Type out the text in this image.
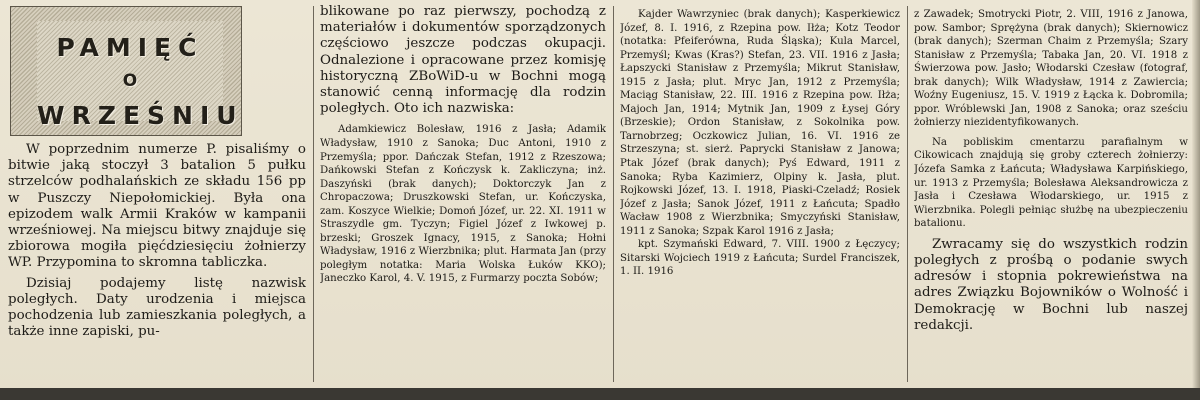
PAMIĘĆ
O
WRZEŚNIU

W poprzednim numerze P. pisaliśmy o bitwie jaką stoczył 3 batalion 5 pułku strzelców podhalańskich ze składu 156 pp w Puszczy Niepołomickiej. Była ona epizodem walk Armii Kraków w kampanii wrześniowej. Na miejscu bitwy znajduje się zbiorowa mogiła pięćdziesięciu żołnierzy WP. Przypomina to skromna tabliczka.

Dzisiaj podajemy listę nazwisk poległych. Daty urodzenia i miejsca pochodzenia lub zamieszkania poległych, a także inne zapiski, pu-

blikowane po raz pierwszy, pochodzą z materiałów i dokumentów sporządzonych częściowo jeszcze podczas okupacji. Odnalezione i opracowane przez komisję historyczną ZBoWiD-u w Bochni mogą stanowić cenną informację dla rodzin poległych. Oto ich nazwiska:

Adamkiewicz Bolesław, 1916 z Jasła; Adamik Władysław, 1910 z Sanoka; Duc Antoni, 1910 z Przemyśla; ppor. Dańczak Stefan, 1912 z Rzeszowa; Dańkowski Stefan z Kończysk k. Zakliczyna; inż. Daszyński (brak danych); Doktorczyk Jan z Chropaczowa; Druszkowski Stefan, ur. Kończyska, zam. Koszyce Wielkie; Domoń Józef, ur. 22. XI. 1911 w Straszydle gm. Tyczyn; Figiel Józef z Iwkowej p. brzeski; Groszek Ignacy, 1915, z Sanoka; Hołni Władysław, 1916 z Wierzbnika; plut. Harmata Jan (przy poległym notatka: Maria Wolska Łuków KKO); Janeczko Karol, 4. V. 1915, z Furmarzy poczta Sobów;

Kajder Wawrzyniec (brak danych); Kasperkiewicz Józef, 8. I. 1916, z Rzepina pow. Iłża; Kotz Teodor (notatka: Pfeiferówna, Ruda Śląska); Kula Marcel, Przemyśl; Kwas (Kras?) Stefan, 23. VII. 1916 z Jasła; Łapszycki Stanisław z Przemyśla; Mikrut Stanisław, 1915 z Jasła; plut. Mryc Jan, 1912 z Przemyśla; Maciąg Stanisław, 22. III. 1916 z Rzepina pow. Iłża; Majoch Jan, 1914; Mytnik Jan, 1909 z Łysej Góry (Brzeskie); Ordon Stanisław, z Sokolnika pow. Tarnobrzeg; Oczkowicz Julian, 16. VI. 1916 ze Strzeszyna; st. sierż. Paprycki Stanisław z Janowa; Ptak Józef (brak danych); Pyś Edward, 1911 z Sanoka; Ryba Kazimierz, Olpiny k. Jasła, plut. Rojkowski Józef, 13. I. 1918, Piaski-Czeladź; Rosiek Józef z Jasła; Sanok Józef, 1911 z Łańcuta; Spadło Wacław 1908 z Wierzbnika; Smyczyński Stanisław, 1911 z Sanoka; Szpak Karol 1916 z Jasła;

kpt. Szymański Edward, 7. VIII. 1900 z Łęczycy; Sitarski Wojciech 1919 z Łańcuta; Surdel Franciszek, 1. II. 1916

z Zawadek; Smotrycki Piotr, 2. VIII, 1916 z Janowa, pow. Sambor; Sprężyna (brak danych); Skiernowicz (brak danych); Szerman Chaim z Przemyśla; Szary Stanisław z Przemyśla; Tabaka Jan, 20. VI. 1918 z Świerzowa pow. Jasło; Włodarski Czesław (fotograf, brak danych); Wilk Władysław, 1914 z Zawiercia; Woźny Eugeniusz, 15. V. 1919 z Łącka k. Dobromila; ppor. Wróblewski Jan, 1908 z Sanoka; oraz sześciu żołnierzy niezidentyfikowanych.

Na pobliskim cmentarzu parafialnym w Cikowicach znajdują się groby czterech żołnierzy: Józefa Samka z Łańcuta; Władysława Karpińskiego, ur. 1913 z Przemyśla; Bolesława Aleksandrowicza z Jasła i Czesława Włodarskiego, ur. 1915 z Wierzbnika. Polegli pełniąc służbę na ubezpieczeniu batalionu.

Zwracamy się do wszystkich rodzin poległych z prośbą o podanie swych adresów i stopnia pokrewieństwa na adres Związku Bojowników o Wolność i Demokrację w Bochni lub naszej redakcji.
